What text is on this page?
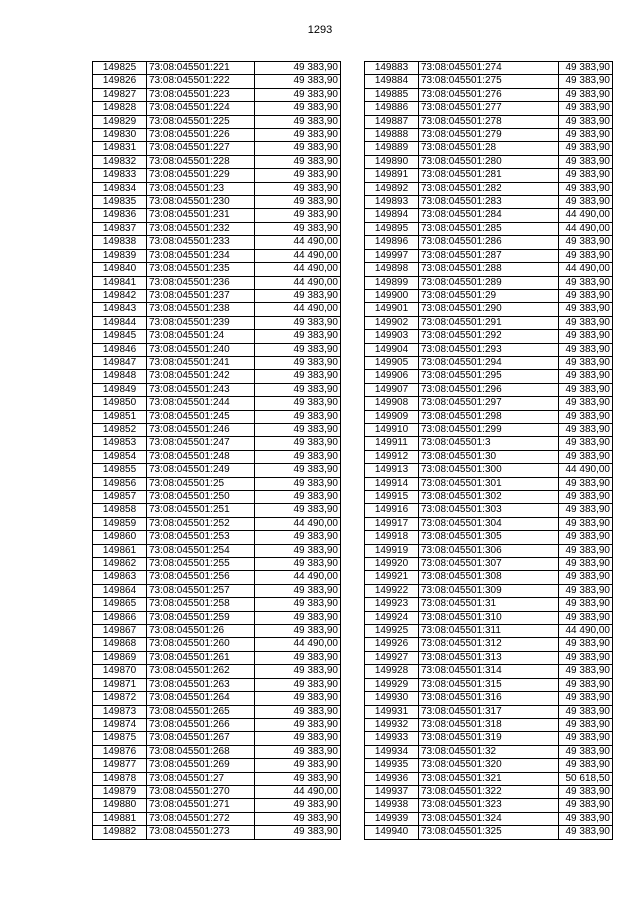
1293
149825	73:08:045501:221	49 383,90
149826	73:08:045501:222	49 383,90
149827	73:08:045501:223	49 383,90
149828	73:08:045501:224	49 383,90
149829	73:08:045501:225	49 383,90
149830	73:08:045501:226	49 383,90
149831	73:08:045501:227	49 383,90
149832	73:08:045501:228	49 383,90
149833	73:08:045501:229	49 383,90
149834	73:08:045501:23	49 383,90
149835	73:08:045501:230	49 383,90
149836	73:08:045501:231	49 383,90
149837	73:08:045501:232	49 383,90
149838	73:08:045501:233	44 490,00
149839	73:08:045501:234	44 490,00
149840	73:08:045501:235	44 490,00
149841	73:08:045501:236	44 490,00
149842	73:08:045501:237	49 383,90
149843	73:08:045501:238	44 490,00
149844	73:08:045501:239	49 383,90
149845	73:08:045501:24	49 383,90
149846	73:08:045501:240	49 383,90
149847	73:08:045501:241	49 383,90
149848	73:08:045501:242	49 383,90
149849	73:08:045501:243	49 383,90
149850	73:08:045501:244	49 383,90
149851	73:08:045501:245	49 383,90
149852	73:08:045501:246	49 383,90
149853	73:08:045501:247	49 383,90
149854	73:08:045501:248	49 383,90
149855	73:08:045501:249	49 383,90
149856	73:08:045501:25	49 383,90
149857	73:08:045501:250	49 383,90
149858	73:08:045501:251	49 383,90
149859	73:08:045501:252	44 490,00
149860	73:08:045501:253	49 383,90
149861	73:08:045501:254	49 383,90
149862	73:08:045501:255	49 383,90
149863	73:08:045501:256	44 490,00
149864	73:08:045501:257	49 383,90
149865	73:08:045501:258	49 383,90
149866	73:08:045501:259	49 383,90
149867	73:08:045501:26	49 383,90
149868	73:08:045501:260	44 490,00
149869	73:08:045501:261	49 383,90
149870	73:08:045501:262	49 383,90
149871	73:08:045501:263	49 383,90
149872	73:08:045501:264	49 383,90
149873	73:08:045501:265	49 383,90
149874	73:08:045501:266	49 383,90
149875	73:08:045501:267	49 383,90
149876	73:08:045501:268	49 383,90
149877	73:08:045501:269	49 383,90
149878	73:08:045501:27	49 383,90
149879	73:08:045501:270	44 490,00
149880	73:08:045501:271	49 383,90
149881	73:08:045501:272	49 383,90
149882	73:08:045501:273	49 383,90
149883	73:08:045501:274	49 383,90
149884	73:08:045501:275	49 383,90
149885	73:08:045501:276	49 383,90
149886	73:08:045501:277	49 383,90
149887	73:08:045501:278	49 383,90
149888	73:08:045501:279	49 383,90
149889	73:08:045501:28	49 383,90
149890	73:08:045501:280	49 383,90
149891	73:08:045501:281	49 383,90
149892	73:08:045501:282	49 383,90
149893	73:08:045501:283	49 383,90
149894	73:08:045501:284	44 490,00
149895	73:08:045501:285	44 490,00
149896	73:08:045501:286	49 383,90
149997	73:08:045501:287	49 383,90
149898	73:08:045501:288	44 490,00
149899	73:08:045501:289	49 383,90
149900	73:08:045501:29	49 383,90
149901	73:08:045501:290	49 383,90
149902	73:08:045501:291	49 383,90
149903	73:08:045501:292	49 383,90
149904	73:08:045501:293	49 383,90
149905	73:08:045501:294	49 383,90
149906	73:08:045501:295	49 383,90
149907	73:08:045501:296	49 383,90
149908	73:08:045501:297	49 383,90
149909	73:08:045501:298	49 383,90
149910	73:08:045501:299	49 383,90
149911	73:08:045501:3	49 383,90
149912	73:08:045501:30	49 383,90
149913	73:08:045501:300	44 490,00
149914	73:08:045501:301	49 383,90
149915	73:08:045501:302	49 383,90
149916	73:08:045501:303	49 383,90
149917	73:08:045501:304	49 383,90
149918	73:08:045501:305	49 383,90
149919	73:08:045501:306	49 383,90
149920	73:08:045501:307	49 383,90
149921	73:08:045501:308	49 383,90
149922	73:08:045501:309	49 383,90
149923	73:08:045501:31	49 383,90
149924	73:08:045501:310	49 383,90
149925	73:08:045501:311	44 490,00
149926	73:08:045501:312	49 383,90
149927	73:08:045501:313	49 383,90
149928	73:08:045501:314	49 383,90
149929	73:08:045501:315	49 383,90
149930	73:08:045501:316	49 383,90
149931	73:08:045501:317	49 383,90
149932	73:08:045501:318	49 383,90
149933	73:08:045501:319	49 383,90
149934	73:08:045501:32	49 383,90
149935	73:08:045501:320	49 383,90
149936	73:08:045501:321	50 618,50
149937	73:08:045501:322	49 383,90
149938	73:08:045501:323	49 383,90
149939	73:08:045501:324	49 383,90
149940	73:08:045501:325	49 383,90
